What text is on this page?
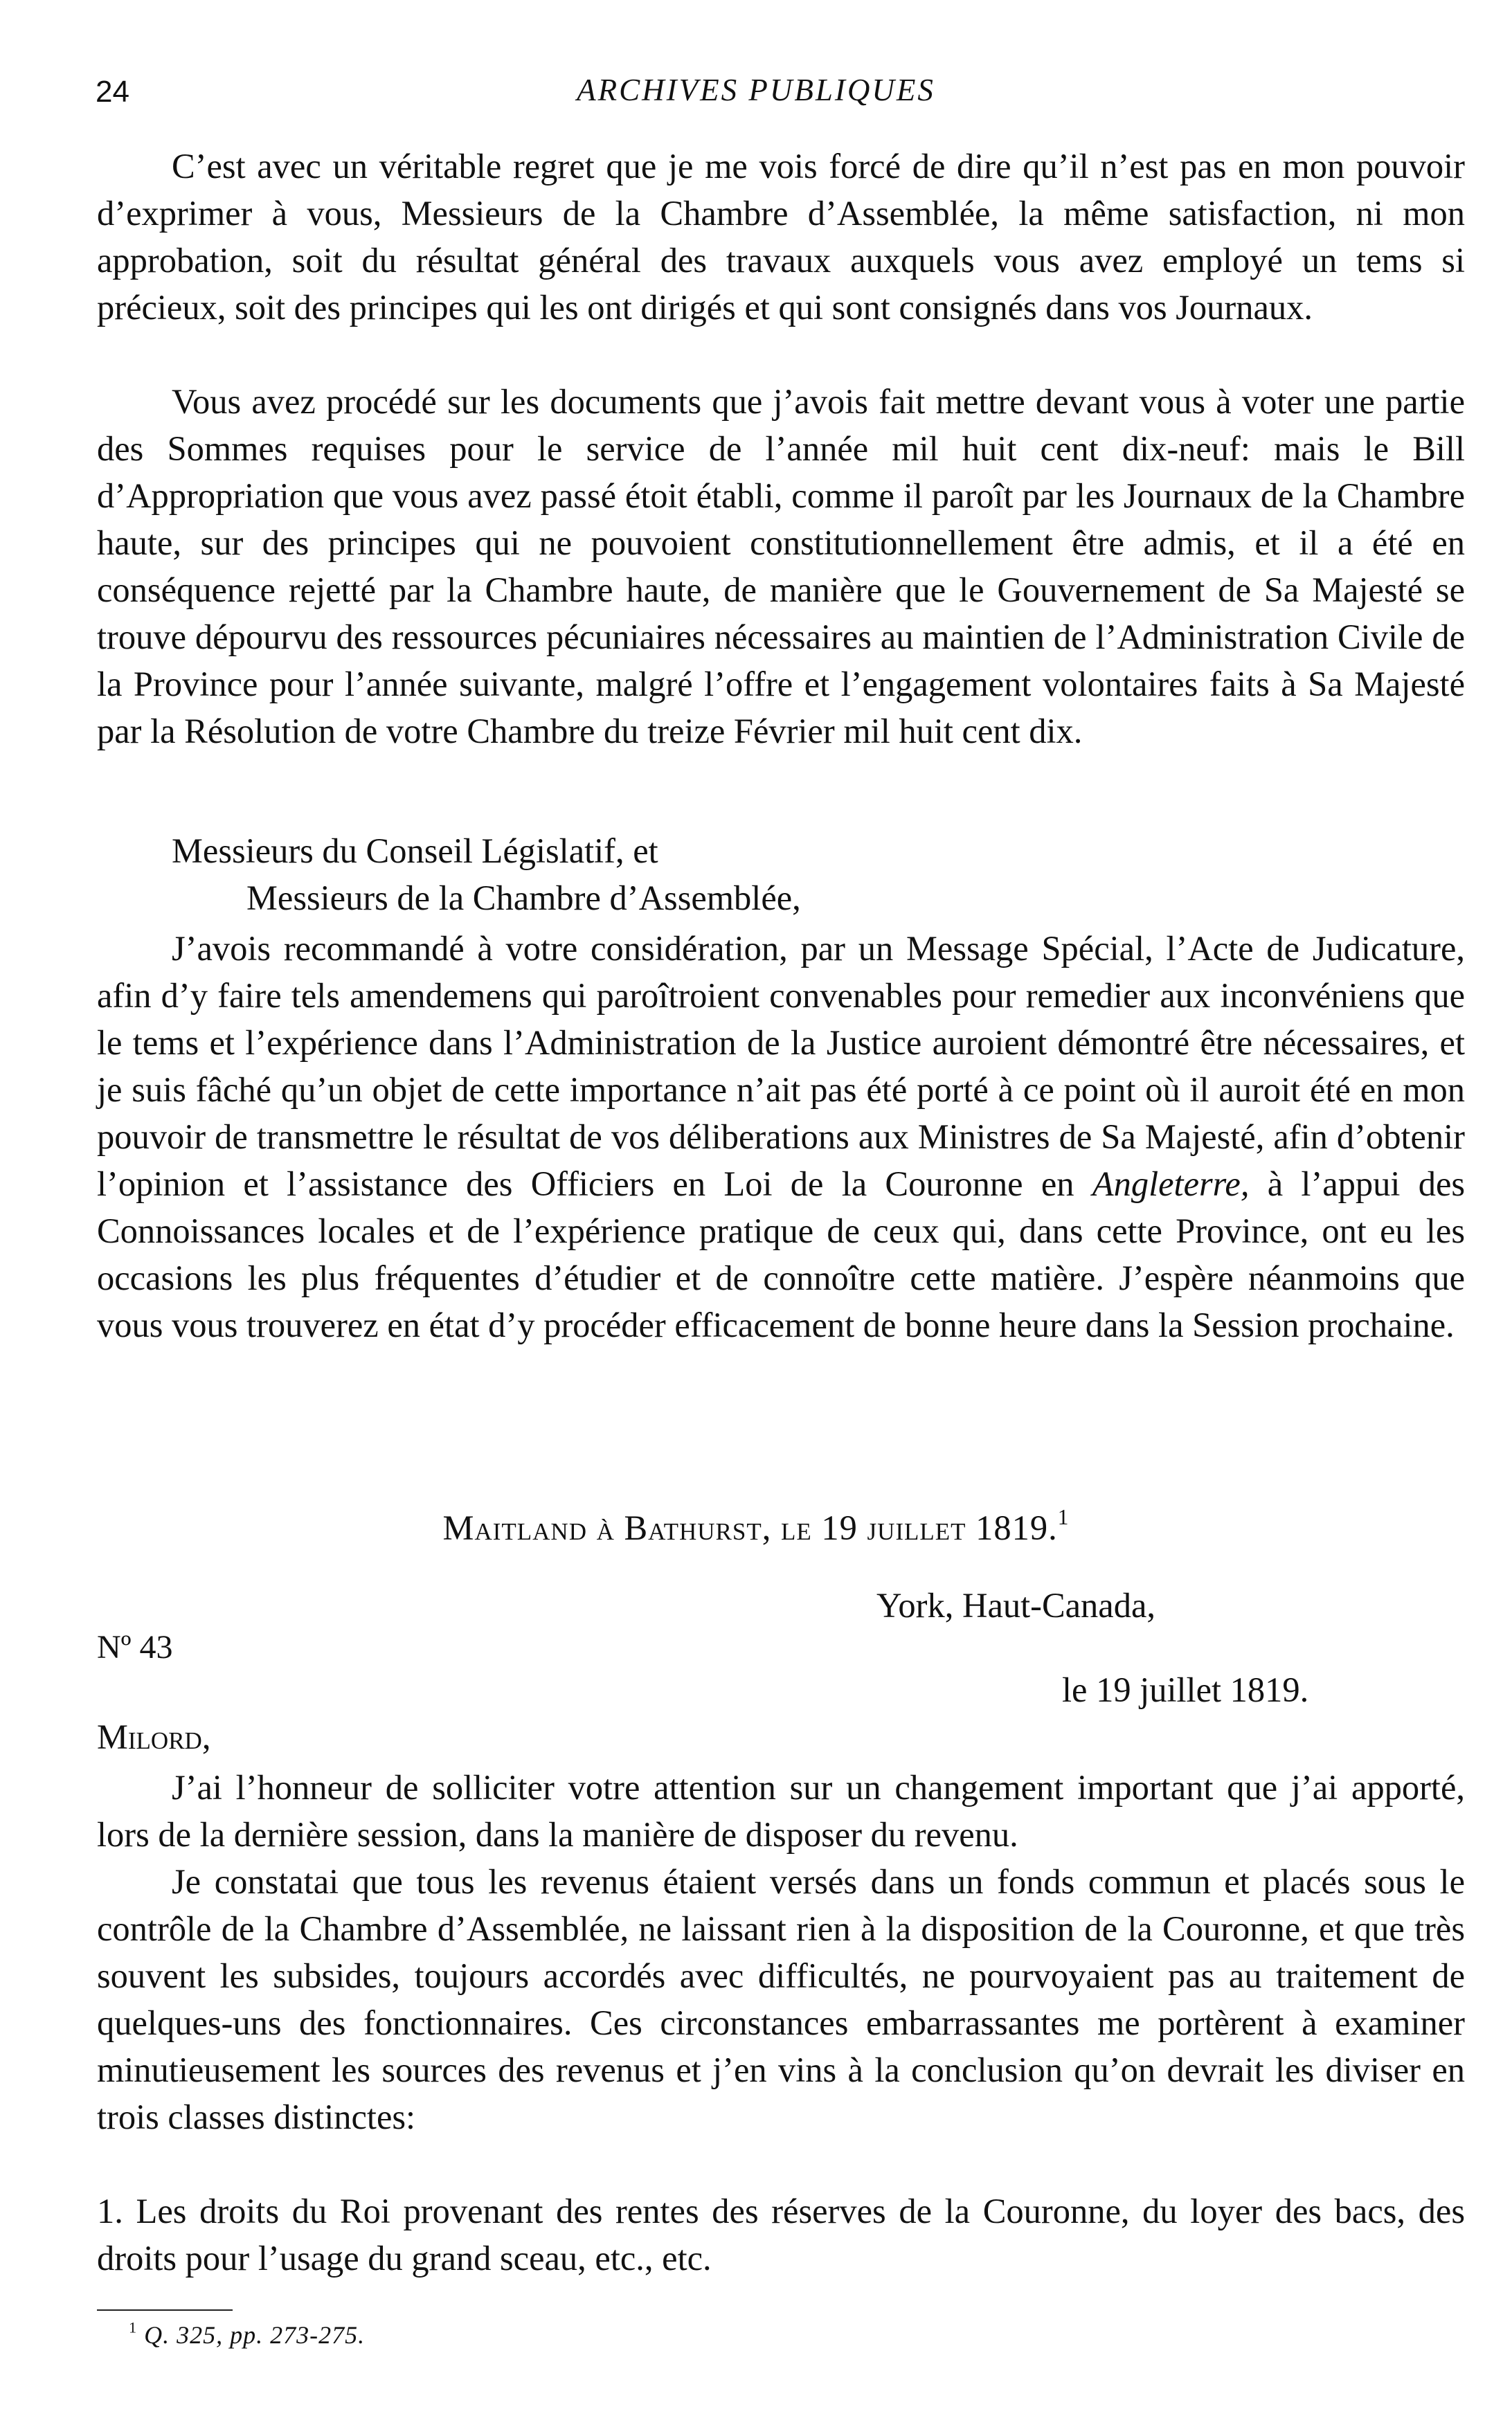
24	ARCHIVES PUBLIQUES

C’est avec un véritable regret que je me vois forcé de dire qu’il n’est pas en mon pouvoir d’exprimer à vous, Messieurs de la Chambre d’Assemblée, la même satisfaction, ni mon approbation, soit du résultat général des travaux auxquels vous avez employé un tems si précieux, soit des principes qui les ont dirigés et qui sont consignés dans vos Journaux.

Vous avez procédé sur les documents que j’avois fait mettre devant vous à voter une partie des Sommes requises pour le service de l’année mil huit cent dix-neuf: mais le Bill d’Appropriation que vous avez passé étoit établi, comme il paroît par les Journaux de la Chambre haute, sur des principes qui ne pouvoient constitutionnellement être admis, et il a été en conséquence rejetté par la Chambre haute, de manière que le Gouvernement de Sa Majesté se trouve dépourvu des ressources pécuniaires nécessaires au maintien de l’Administration Civile de la Province pour l’année suivante, malgré l’offre et l’engagement volontaires faits à Sa Majesté par la Résolution de votre Chambre du treize Février mil huit cent dix.

Messieurs du Conseil Législatif, et
Messieurs de la Chambre d’Assemblée,

J’avois recommandé à votre considération, par un Message Spécial, l’Acte de Judicature, afin d’y faire tels amendemens qui paroîtroient convenables pour remedier aux inconvéniens que le tems et l’expérience dans l’Administration de la Justice auroient démontré être nécessaires, et je suis fâché qu’un objet de cette importance n’ait pas été porté à ce point où il auroit été en mon pouvoir de transmettre le résultat de vos déliberations aux Ministres de Sa Majesté, afin d’obtenir l’opinion et l’assistance des Officiers en Loi de la Couronne en Angleterre, à l’appui des Connoissances locales et de l’expérience pratique de ceux qui, dans cette Province, ont eu les occasions les plus fréquentes d’étudier et de connoître cette matière. J’espère néanmoins que vous vous trouverez en état d’y procéder efficacement de bonne heure dans la Session prochaine.

Maitland à Bathurst, le 19 juillet 1819.$^1$
York, Haut-Canada,
Nº 43
le 19 juillet 1819.
Milord,

J’ai l’honneur de solliciter votre attention sur un changement important que j’ai apporté, lors de la dernière session, dans la manière de disposer du revenu.

Je constatai que tous les revenus étaient versés dans un fonds commun et placés sous le contrôle de la Chambre d’Assemblée, ne laissant rien à la disposition de la Couronne, et que très souvent les subsides, toujours accordés avec difficultés, ne pourvoyaient pas au traitement de quelques-uns des fonctionnaires. Ces circonstances embarrassantes me portèrent à examiner minutieusement les sources des revenus et j’en vins à la conclusion qu’on devrait les diviser en trois classes distinctes:

1. Les droits du Roi provenant des rentes des réserves de la Couronne, du loyer des bacs, des droits pour l’usage du grand sceau, etc., etc.

$^1$ Q. 325, pp. 273-275.
